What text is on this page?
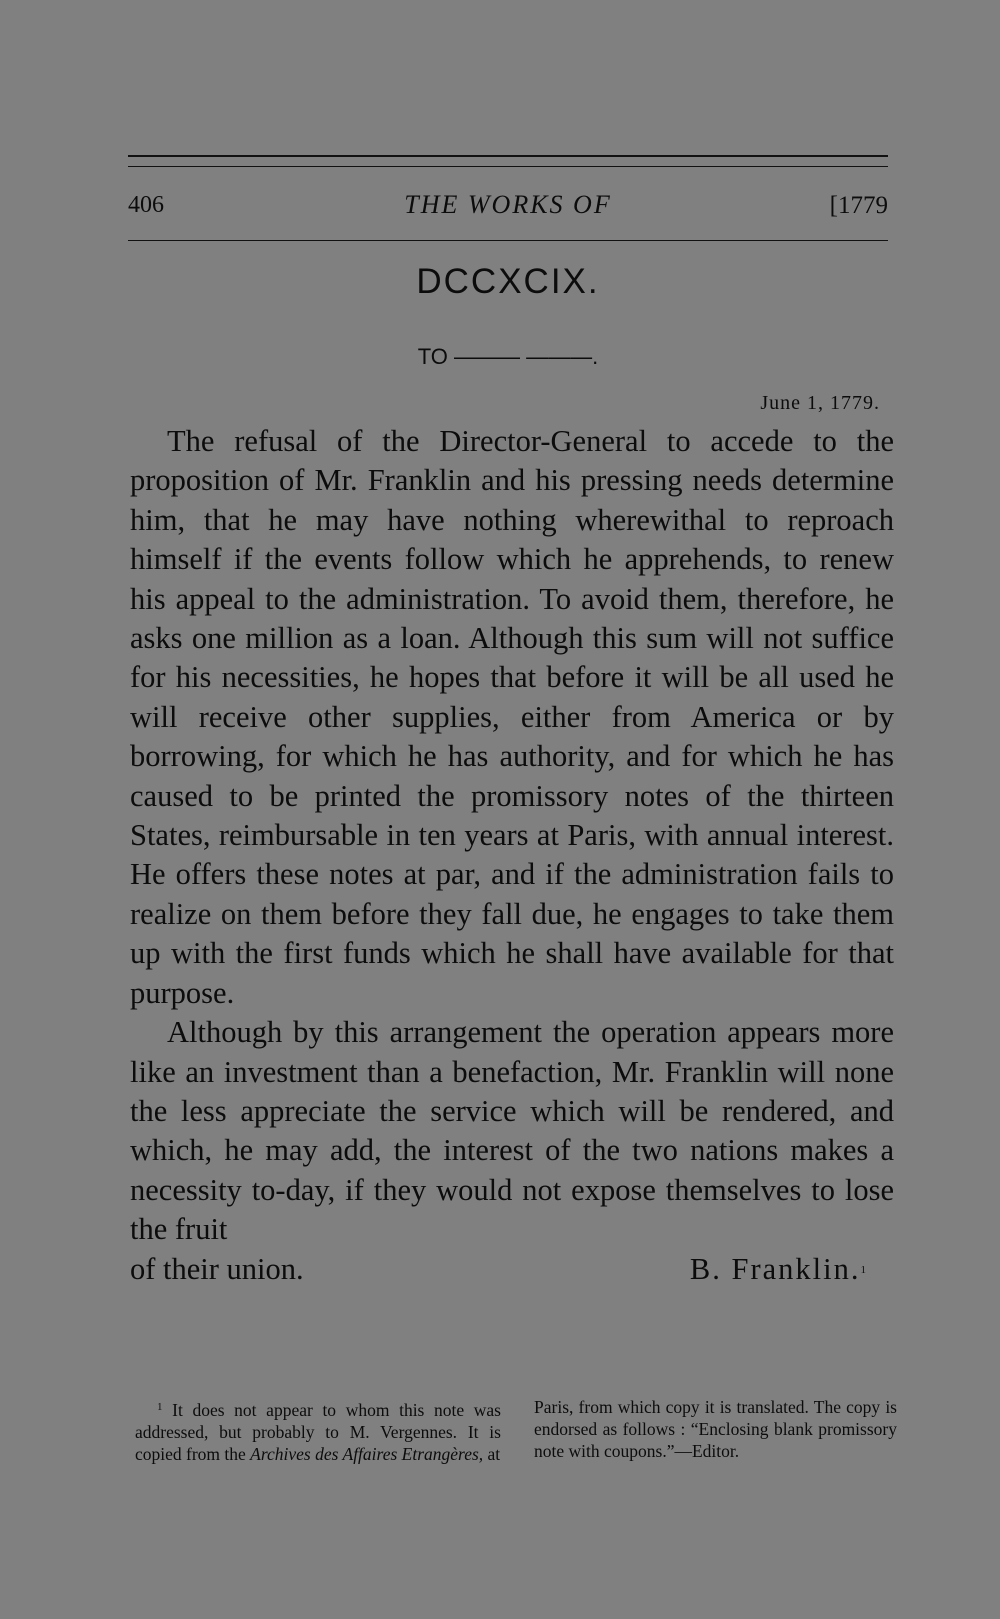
406	THE WORKS OF	[1779
DCCXCIX.
TO ——— ———.
June 1, 1779.

The refusal of the Director-General to accede to the proposition of Mr. Franklin and his pressing needs determine him, that he may have nothing wherewithal to reproach himself if the events follow which he apprehends, to renew his appeal to the administration. To avoid them, therefore, he asks one million as a loan. Although this sum will not suffice for his necessities, he hopes that before it will be all used he will receive other supplies, either from America or by borrowing, for which he has authority, and for which he has caused to be printed the promissory notes of the thirteen States, reimbursable in ten years at Paris, with annual interest. He offers these notes at par, and if the administration fails to realize on them before they fall due, he engages to take them up with the first funds which he shall have available for that purpose.

Although by this arrangement the operation appears more like an investment than a benefaction, Mr. Franklin will none the less appreciate the service which will be rendered, and which, he may add, the interest of the two nations makes a necessity to-day, if they would not expose themselves to lose the fruit

of their union.	B. Franklin.$^1$
$^1$ It does not appear to whom this note was addressed, but probably to M. Vergennes. It is copied from the Archives des Affaires Etrangères, at
Paris, from which copy it is translated. The copy is endorsed as follows : “Enclosing blank promissory note with coupons.”—Editor.
